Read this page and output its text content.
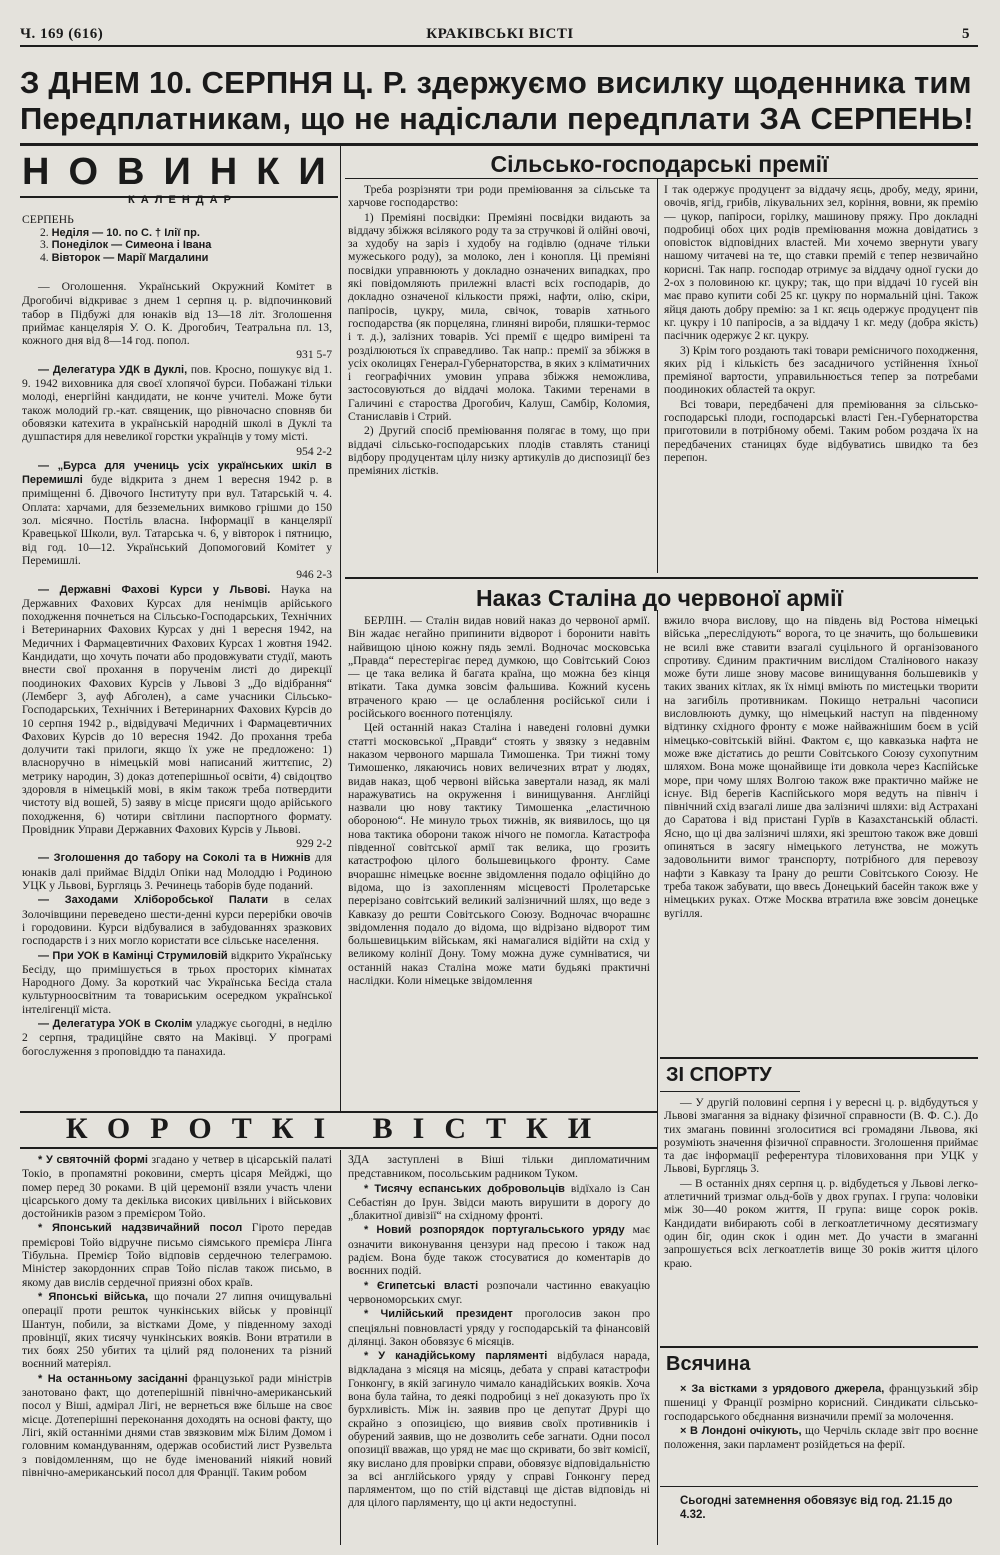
Ч. 169 (616)	КРАКІВСЬКІ ВІСТІ	5
З ДНЕМ 10. СЕРПНЯ Ц. Р. здержуємо висилку щоденника тим
Передплатникам, що не надіслали передплати ЗА СЕРПЕНЬ!
НОВИНКИ
КАЛЕНДАР
СЕРПЕНЬ
2. Неділя — 10. по С. † Ілії пр.
3. Понеділок — Симеона і Івана
4. Вівторок — Марії Магдалини

— Оголошення. Український Окружний Комітет в Дрогобичі відкриває з днем 1 серпня ц. р. відпочинковий табор в Підбужі для юнаків від 13—18 літ. Зголошення приймає канцелярія У. О. К. Дрогобич, Театральна пл. 13, кожного дня від 8—14 год. попол.

931 5-7

— Делегатура УДК в Дуклі, пов. Кросно, пошукує від 1. 9. 1942 виховника для своєї хлопячої бурси. Побажані тільки молоді, енергійні кандидати, не конче учителі. Може бути також молодий гр.-кат. священик, що рівночасно сповняв би обовязки катехита в українській народній школі в Дуклі та душпастиря для невеликої горстки українців у тому місті.

954 2-2

— „Бурса для учениць усіх українських шкіл в Перемишлі буде відкрита з днем 1 вересня 1942 р. в приміщенні б. Дівочого Інституту при вул. Татарській ч. 4. Оплата: харчами, для безземельних вимковo грішми до 150 зол. місячно. Постіль власна. Інформації в канцелярії Кравецької Школи, вул. Татарська ч. 6, у вівторок і пятницю, від год. 10—12. Український Допомоговий Комітет у Перемишлі.

946 2-3

— Державні Фахові Курси у Львові. Наука на Державних Фахових Курсах для ненімців арійського походження почнеться на Сільсько-Господарських, Технічних і Ветеринарних Фахових Курсах у дні 1 вересня 1942, на Медичних і Фармацевтичних Фахових Курсах 1 жовтня 1942. Кандидати, що хочуть почати або продовжувати студії, мають внести свої прохання в порученім листі до дирекції поодиноких Фахових Курсів у Львові 3 „До відібрання“ (Лемберг 3, ауф Абголен), а саме учасники Сільсько-Господарських, Технічних і Ветеринарних Фахових Курсів до 10 серпня 1942 р., відвідувачі Медичних і Фармацевтичних Фахових Курсів до 10 вересня 1942. До прохання треба долучити такі прилоги, якщо їх уже не предложено: 1) власноручно в німецькій мові написаний життєпис, 2) метрику народин, 3) доказ дотеперішньої освіти, 4) свідоцтво здоровля в німецькій мові, в якім також треба потвердити чистоту від вошей, 5) заяву в місце присяги щодо арійського походження, 6) чотири світлини паспортного формату. Провідник Управи Державних Фахових Курсів у Львові.

929 2-2

— Зголошення до табору на Соколі та в Нижнів для юнаків далі приймає Відділ Опіки над Молоддю і Родиною УЦК у Львові, Бургляць 3. Речинець таборів буде поданий.

— Заходами Хліборобської Палати в селах Золочівщини переведено шести-денні курси перерібки овочів і городовини. Курси відбувалися в забудованнях зразкових господарств і з них могло користати все сільське населення.

— При УОК в Камінці Струмиловій відкрито Українську Бесіду, що примішується в трьох просторих кімнатах Народного Дому. За короткий час Українська Бесіда стала культурноосвітним та товариським осередком української інтелігенції міста.

— Делегатура УОК в Сколім уладжує сьогодні, в неділю 2 серпня, традиційне свято на Маківці. У програмі богослуження з проповіддю та панахида.

Сільсько-господарські премії

Треба розрізняти три роди преміювання за сільське та харчове господарство:

1) Преміяні посвідки: Преміяні посвідки видають за віддачу збіжжя всілякого роду та за стручкові й олійні овочі, за худобу на заріз і худобу на годівлю (одначе тільки мужеського роду), за молоко, лен і конопля. Ці преміяні посвідки управнюють у докладно означених випадках, про які повідомляють прилежні власті всіх господарів, до докладно означеної кількости пряжі, нафти, олію, скіри, папіросів, цукру, мила, свічок, товарів хатнього господарства (як порцеляна, глиняні вироби, пляшки-термос і т. д.), залізних товарів. Усі премії є щедро вимірені та розділюються їх справедливо. Так напр.: премії за збіжжя в усіх околицях Генерал-Губернаторства, в яких з кліматичних і географічних умовин управа збіжжя неможлива, застосовуються до віддачі молока. Такими теренами в Галичині є староства Дрогобич, Калуш, Самбір, Коломия, Станиславів і Стрий.

2) Другий спосіб преміювання полягає в тому, що при віддачі сільсько-господарських плодів ставлять станиці відбору продуцентам цілу низку артикулів до диспозиції без преміяних лістків.

І так одержує продуцент за віддачу яєць, дробу, меду, ярини, овочів, ягід, грибів, лікувальних зел, коріння, вовни, як премію — цукор, папіроси, горілку, машинову пряжу. Про докладні подробиці обох цих родів преміювання можна довідатись з оповісток відповідних властей. Ми хочемо звернути увагу нашому читачеві на те, що ставки премій є тепер незвичайно корисні. Так напр. господар отримує за віддачу одної гуски до 2-ох з половиною кг. цукру; так, що при віддачі 10 гусей він має право купити собі 25 кг. цукру по нормальній ціні. Також яйця дають добру премію: за 1 кг. яєць одержує продуцент пів кг. цукру і 10 папіросів, а за віддачу 1 кг. меду (добра якість) пасічник одержує 2 кг. цукру.

3) Крім того роздають такі товари ремісничого походження, яких рід і кількість без засадничого устійнення їхньої преміяної вартости, управильнюється тепер за потребами поодиноких областей та округ.

Всі товари, передбачені для преміювання за сільсько-господарські плоди, господарські власті Ген.-Губернаторства приготовили в потрібному обемі. Таким робом роздача їх на передбачених станицях буде відбуватись швидко та без перепон.

Наказ Сталіна до червоної армії

БЕРЛІН. — Сталін видав новий наказ до червоної армії. Він жадає негайно припинити відворот і боронити навіть найвищою ціною кожну пядь землі. Водночас московська „Правда“ перестерігає перед думкою, що Совітський Союз — це така велика й багата країна, що можна без кінця втікати. Така думка зовсім фальшива. Кожний кусень втраченого краю — це ослаблення російської сили і російського воєнного потенціялу.

Цей останній наказ Сталіна і наведені головні думки статті московської „Правди“ стоять у звязку з недавнім наказом червоного маршала Тимошенка. Три тижні тому Тимошенко, лякаючись нових величезних втрат у людях, видав наказ, щоб червоні війська завертали назад, як малі наражуватись на окруження і винищування. Англійці назвали цю нову тактику Тимошенка „еластичною обороною“. Не минуло трьох тижнів, як виявилось, що ця нова тактика оборони також нічого не помогла. Катастрофа південної совітської армії так велика, що грозить катастрофою цілого большевицького фронту. Саме вчорашнє німецьке воєнне звідомлення подало офіційно до відома, що із захопленням місцевості Пролетарське перерізано совітський великий залізничний шлях, що веде з Кавказу до решти Совітського Союзу. Водночас вчорашнє звідомлення подало до відома, що відрізано відворот тим большевицьким військам, які намагалися відійти на схід у великому колінії Дону. Тому можна дуже сумніватися, чи останній наказ Сталіна може мати будьякі практичні наслідки. Коли німецьке звідомлення

вжило вчора вислову, що на південь від Ростова німецькі війська „переслідують“ ворога, то це значить, що большевики не всилі вже ставити взагалі суцільного й організованого спротиву. Єдиним практичним вислідом Сталінового наказу може бути лише знову масове винищування большевиків у таких званих кітлах, як їх німці вміють по мистецьки творити на загибіль противникам. Покищо нетральні часописи висловлюють думку, що німецький наступ на південному відтинку східного фронту є може найважнішим боєм в усій німецько-совітській війні. Фактом є, що кавказька нафта не може вже дістатись до решти Совітського Союзу сухопутним шляхом. Вона може щонайвище іти довкола через Каспійське море, при чому шлях Волгою також вже практично майже не існує. Від берегів Каспійського моря ведуть на північ і північний схід взагалі лише два залізничі шляхи: від Астрахані до Саратова і від пристані Гурїв в Казахстанській області. Ясно, що ці два залізничі шляхи, які зрештою також вже довші опиняться в засягу німецького летунства, не можуть задовольнити вимог транспорту, потрібного для перевозу нафти з Кавказу та Ірану до решти Совітського Союзу. Не треба також забувати, що ввесь Донецький басейн також вже у німецьких руках. Отже Москва втратила вже зовсім донецьке вугілля.

ЗІ СПОРТУ

— У другій половині серпня і у вересні ц. р. відбудуться у Львові змагання за віднаку фізичної справности (В. Ф. С.). До тих змагань повинні зголоситися всі громадяни Львова, які розуміють значення фізичної справности. Зголошення приймає та дає інформації референтура тіловиховання при УЦК у Львові, Бургляць 3.

— В останніх днях серпня ц. р. відбудеться у Львові легко-атлетичний тризмаг ольд-боїв у двох групах. І група: чоловіки між 30—40 роком життя, ІІ група: вище сорок років. Кандидати вибирають собі в легкоатлетичному десятизмагу один біг, один скок і один мет. До участи в змаганні запрошується всіх легкоатлетів вище 30 років життя цілого краю.

Всячина

× За вістками з урядового джерела, французький збір пшениці у Франції розмірно корисний. Синдикати сільсько-господарського обєднання визначили премії за молочення.

× В Лондоні очікують, що Черчіль складе звіт про воєнне положення, заки парламент розійдеться на ферії.

Сьогодні затемнення обовязує від год. 21.15 до 4.32.
КОРОТКІ ВІСТКИ

* У святочній формі згадано у четвер в цісарській палаті Токіо, в пропамятні роковини, смерть цісаря Мейджі, що помер перед 30 роками. В цій церемонії взяли участь члени цісарського дому та декілька високих цивільних і військових достойників разом з премієром Тойо.

* Японський надзвичайний посол Гірото передав премієрові Тойо відручне письмо сіямського премієра Лінга Тібульна. Премієр Тойо відповів сердечною телеграмою. Міністер закордонних справ Тойо післав також письмо, в якому дав вислів сердечної приязні обох країв.

* Японські війська, що почали 27 липня очищувальні операції проти решток чункінських військ у провінції Шантун, побили, за вістками Доме, у південному заході провінції, яких тисячу чункінських вояків. Вони втратили в тих боях 250 убитих та цілий ряд полонених та різний воєнний матеріял.

* На останньому засіданні французької ради міністрів занотовано факт, що дотеперішній північно-американський посол у Віші, адмірал Лігі, не вернеться вже більше на своє місце. Дотеперішні переконання доходять на основі факту, що Лігі, якій останніми днями став звязковим між Білим Домом і головним командуванням, одержав особистий лист Рузвельта з повідомленням, що не буде іменований ніякий новий північно-американський посол для Франції. Таким робом

ЗДА заступлені в Віші тільки дипломатичним представником, посольським радником Туком.

* Тисячу еспанських добровольців відїхало із Сан Себастіян до Ірун. Звідси мають вирушити в дорогу до „блакитної дивізії“ на східному фронті.

* Новий розпорядок португальського уряду має означити виконування цензури над пресою і також над радієм. Вона буде також стосуватися до коментарів до воєнних подій.

* Єгипетські власті розпочали частинно евакуацію червономорських смуг.

* Чилійський президент проголосив закон про спеціяльні повновласті уряду у господарській та фінансовій ділянці. Закон обовязує 6 місяців.

* У канадійському парляменті відбулася нарада, відкладана з місяця на місяць, дебата у справі катастрофи Гонконгу, в якій загинуло чимало канадійських вояків. Хоча вона була тайна, то деякі подробиці з неї доказують про їх бурхливість. Між ін. заявив про це депутат Друрі що скрайно з опозицією, що виявив своїх противників і обурений заявив, що не дозволить себе загнати. Одни посол опозиції вважав, що уряд не має що скривати, бо звіт комісії, яку вислано для провірки справи, обовязує відповідальністю за всі англійського уряду у справі Гонконгу перед парляментом, що по стій відставці ще дістав відповідь ні для цілого парляменту, що ці акти недоступні.
